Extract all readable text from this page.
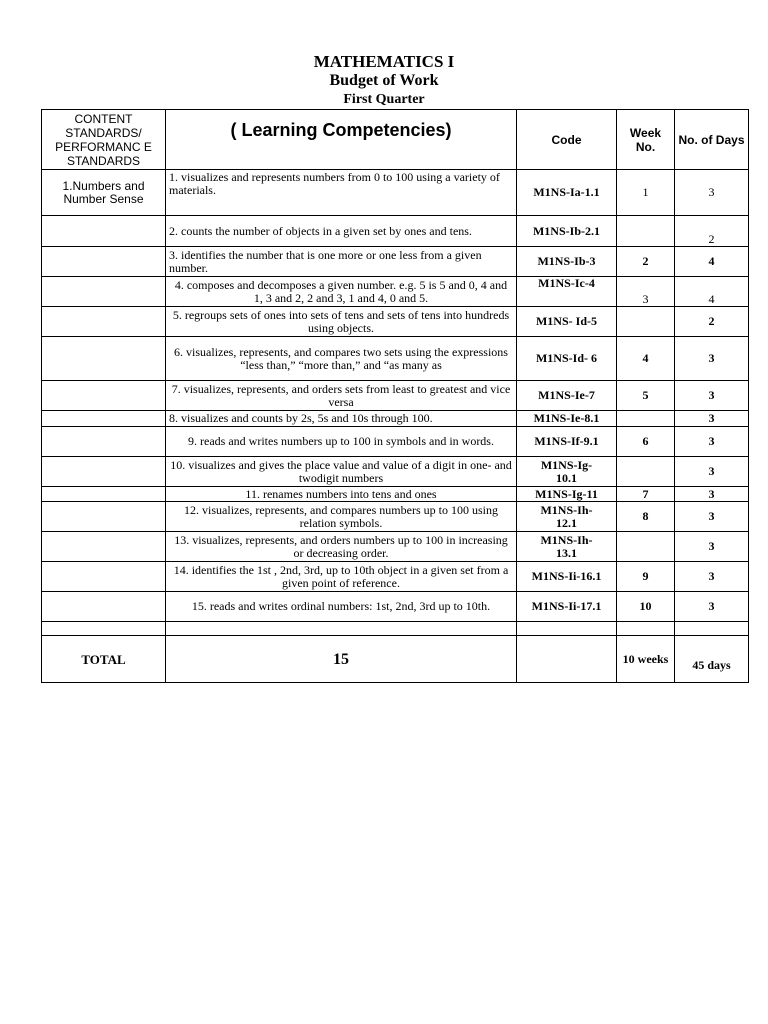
MATHEMATICS I
Budget of Work
First Quarter
CONTENT STANDARDS/ PERFORMANC E STANDARDS	( Learning Competencies)	Code	Week No.	No. of Days
1.Numbers and Number Sense	1. visualizes and represents numbers from 0 to 100 using a variety of materials.	M1NS-Ia-1.1	1	3
	2. counts the number of objects in a given set by ones and tens.	M1NS-Ib-2.1		2
	3. identifies the number that is one more or one less from a given number.	M1NS-Ib-3	2	4
	4. composes and decomposes a given number. e.g. 5 is 5 and 0, 4 and 1, 3 and 2, 2 and 3, 1 and 4, 0 and 5.	M1NS-Ic-4	3	4
	5. regroups sets of ones into sets of tens and sets of tens into hundreds using objects.	M1NS- Id-5		2
	6. visualizes, represents, and compares two sets using the expressions “less than,” “more than,” and “as many as	M1NS-Id- 6	4	3
	7. visualizes, represents, and orders sets from least to greatest and vice versa	M1NS-Ie-7	5	3
	8. visualizes and counts by 2s, 5s and 10s through 100.	M1NS-Ie-8.1		3
	9. reads and writes numbers up to 100 in symbols and in words.	M1NS-If-9.1	6	3
	10. visualizes and gives the place value and value of a digit in one- and twodigit numbers	M1NS-Ig-10.1		3
	11. renames numbers into tens and ones	M1NS-Ig-11	7	3
	12. visualizes, represents, and compares numbers up to 100 using relation symbols.	M1NS-Ih-12.1	8	3
	13. visualizes, represents, and orders numbers up to 100 in increasing or decreasing order.	M1NS-Ih-13.1		3
	14. identifies the 1st , 2nd, 3rd, up to 10th object in a given set from a given point of reference.	M1NS-Ii-16.1	9	3
	15. reads and writes ordinal numbers: 1st, 2nd, 3rd up to 10th.	M1NS-Ii-17.1	10	3

TOTAL	15		10 weeks	45 days
